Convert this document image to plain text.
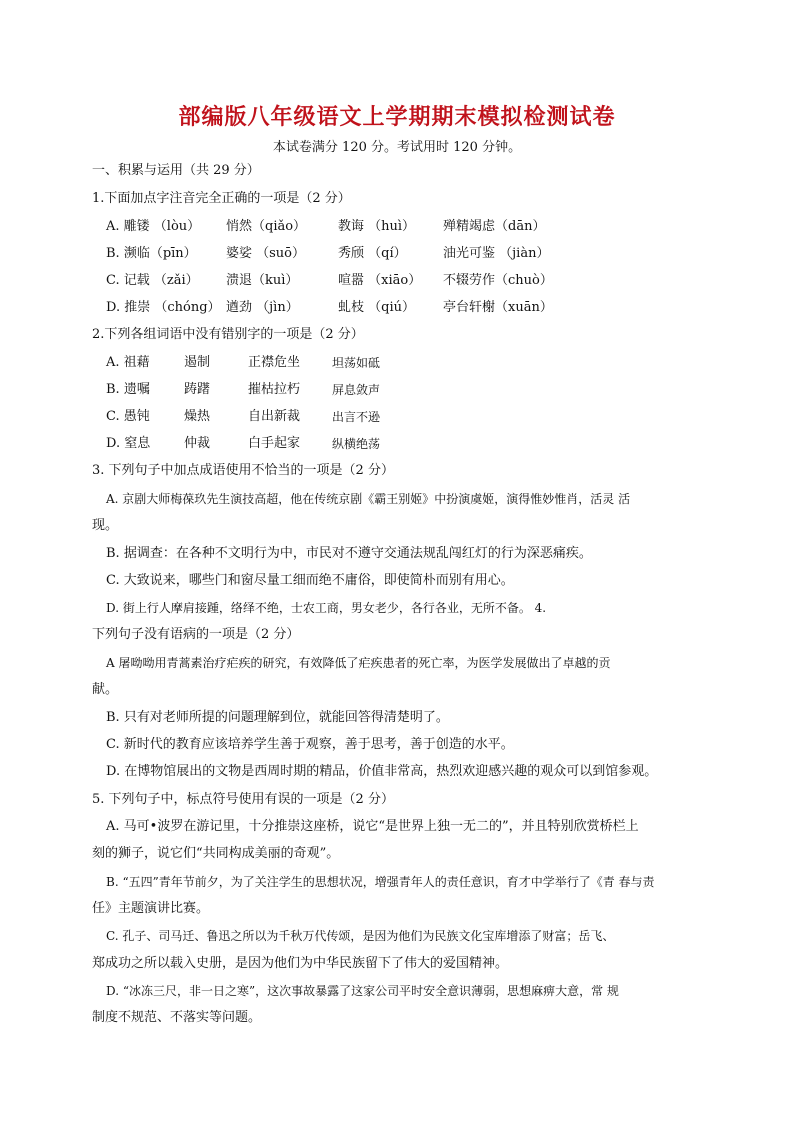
部编版八年级语文上学期期末模拟检测试卷
本试卷满分 120 分。考试用时 120 分钟。
一、积累与运用（共 29 分）
1.下面加点字注音完全正确的一项是（2 分）
A. 雕镂 （lòu） 悄然（qiǎo） 教诲 （huì） 殚精竭虑（dān）
B. 濒临（pīn） 婆娑 （suō）	秀颀 （qí）	油光可鉴 （jiàn）
C. 记载 （zǎi） 溃退（kuì）	喧嚣 （xiāo） 不辍劳作（chuò）
D. 推崇 （chóng） 遒劲 （jìn）	虬枝 （qiú） 亭台轩榭（xuān）
2.下列各组词语中没有错别字的一项是（2 分）
A. 祖藉	遏制	正襟危坐	坦荡如砥
B. 遗嘱	踌躇	摧枯拉朽	屏息敛声
C. 愚钝	燥热	自出新裁	出言不逊
D. 窒息	仲裁	白手起家	纵横绝荡
3. 下列句子中加点成语使用不恰当的一项是（2 分）
A. 京剧大师梅葆玖先生演技高超，他在传统京剧《霸王别姬》中扮演虞姬，演得惟妙惟肖，活灵 活
现。
B. 据调查：在各种不文明行为中，市民对不遵守交通法规乱闯红灯的行为深恶痛疾。
C. 大致说来，哪些门和窗尽量工细而绝不庸俗，即使简朴而别有用心。
D. 街上行人摩肩接踵，络绎不绝，士农工商，男女老少，各行各业，无所不备。 4.
下列句子没有语病的一项是（2 分）
A 屠呦呦用青蒿素治疗疟疾的研究，有效降低了疟疾患者的死亡率，为医学发展做出了卓越的贡
献。
B. 只有对老师所提的问题理解到位，就能回答得清楚明了。
C. 新时代的教育应该培养学生善于观察，善于思考，善于创造的水平。
D. 在博物馆展出的文物是西周时期的精品，价值非常高，热烈欢迎感兴趣的观众可以到馆参观。
5. 下列句子中，标点符号使用有误的一项是（2 分）
A. 马可•波罗在游记里，十分推崇这座桥，说它“是世界上独一无二的”，并且特别欣赏桥栏上
刻的狮子，说它们“共同构成美丽的奇观”。
B. “五四”青年节前夕，为了关注学生的思想状况，增强青年人的责任意识，育才中学举行了《青 春与责
任》主题演讲比赛。
C. 孔子、司马迁、鲁迅之所以为千秋万代传颂，是因为他们为民族文化宝库增添了财富；岳飞、
郑成功之所以载入史册，是因为他们为中华民族留下了伟大的爱国精神。
D. “冰冻三尺，非一日之寒”，这次事故暴露了这家公司平时安全意识薄弱，思想麻痹大意，常 规
制度不规范、不落实等问题。
